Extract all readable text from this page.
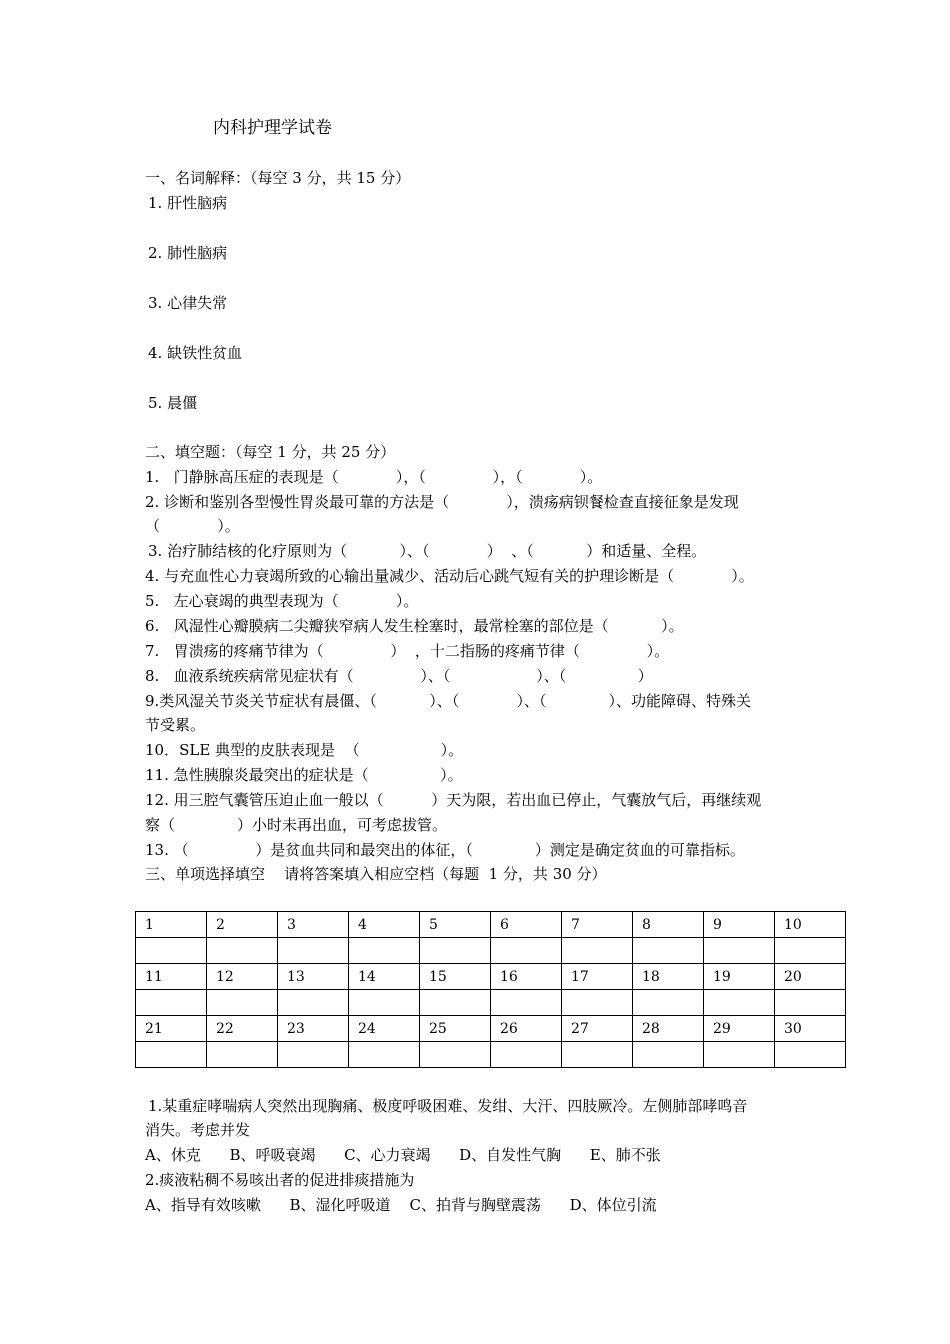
内科护理学试卷
一、名词解释：（每空 3 分，共 15 分）
1. 肝性脑病
2. 肺性脑病
3. 心律失常
4. 缺铁性贫血
5. 晨僵
二、填空题：（每空 1 分，共 25 分）
1.   门静脉高压症的表现是（            ），（              ），（            ）。
2. 诊断和鉴别各型慢性胃炎最可靠的方法是（            ），溃疡病钡餐检查直接征象是发现
（            ）。
3. 治疗肺结核的化疗原则为（           ）、（            ）  、（           ）和适量、全程。
4. 与充血性心力衰竭所致的心输出量减少、活动后心跳气短有关的护理诊断是（            ）。
5.   左心衰竭的典型表现为（            ）。
6.   风湿性心瓣膜病二尖瓣狭窄病人发生栓塞时，最常栓塞的部位是（           ）。
7.   胃溃疡的疼痛节律为（              ）  ，十二指肠的疼痛节律（              ）。
8.   血液系统疾病常见症状有（              ）、（                  ）、（               ）
9.类风湿关节炎关节症状有晨僵、（           ）、（            ）、（             ）、功能障碍、特殊关
节受累。
10．SLE 典型的皮肤表现是  （                 ）。
11. 急性胰腺炎最突出的症状是（               ）。
12. 用三腔气囊管压迫止血一般以（          ）天为限，若出血已停止，气囊放气后，再继续观
察（             ）小时未再出血，可考虑拔管。
13. （              ）是贫血共同和最突出的体征，（             ）测定是确定贫血的可靠指标。
三、单项选择填空    请将答案填入相应空档（每题  1 分，共 30 分）
1	2	3	4	5	6	7	8	9	10

11	12	13	14	15	16	17	18	19	20

21	22	23	24	25	26	27	28	29	30

1.某重症哮喘病人突然出现胸痛、极度呼吸困难、发绀、大汗、四肢厥冷。左侧肺部哮鸣音
消失。考虑并发
A、休克      B、呼吸衰竭      C、心力衰竭      D、自发性气胸      E、肺不张
2.痰液粘稠不易咳出者的促进排痰措施为
A、指导有效咳嗽      B、湿化呼吸道    C、拍背与胸壁震荡      D、体位引流
